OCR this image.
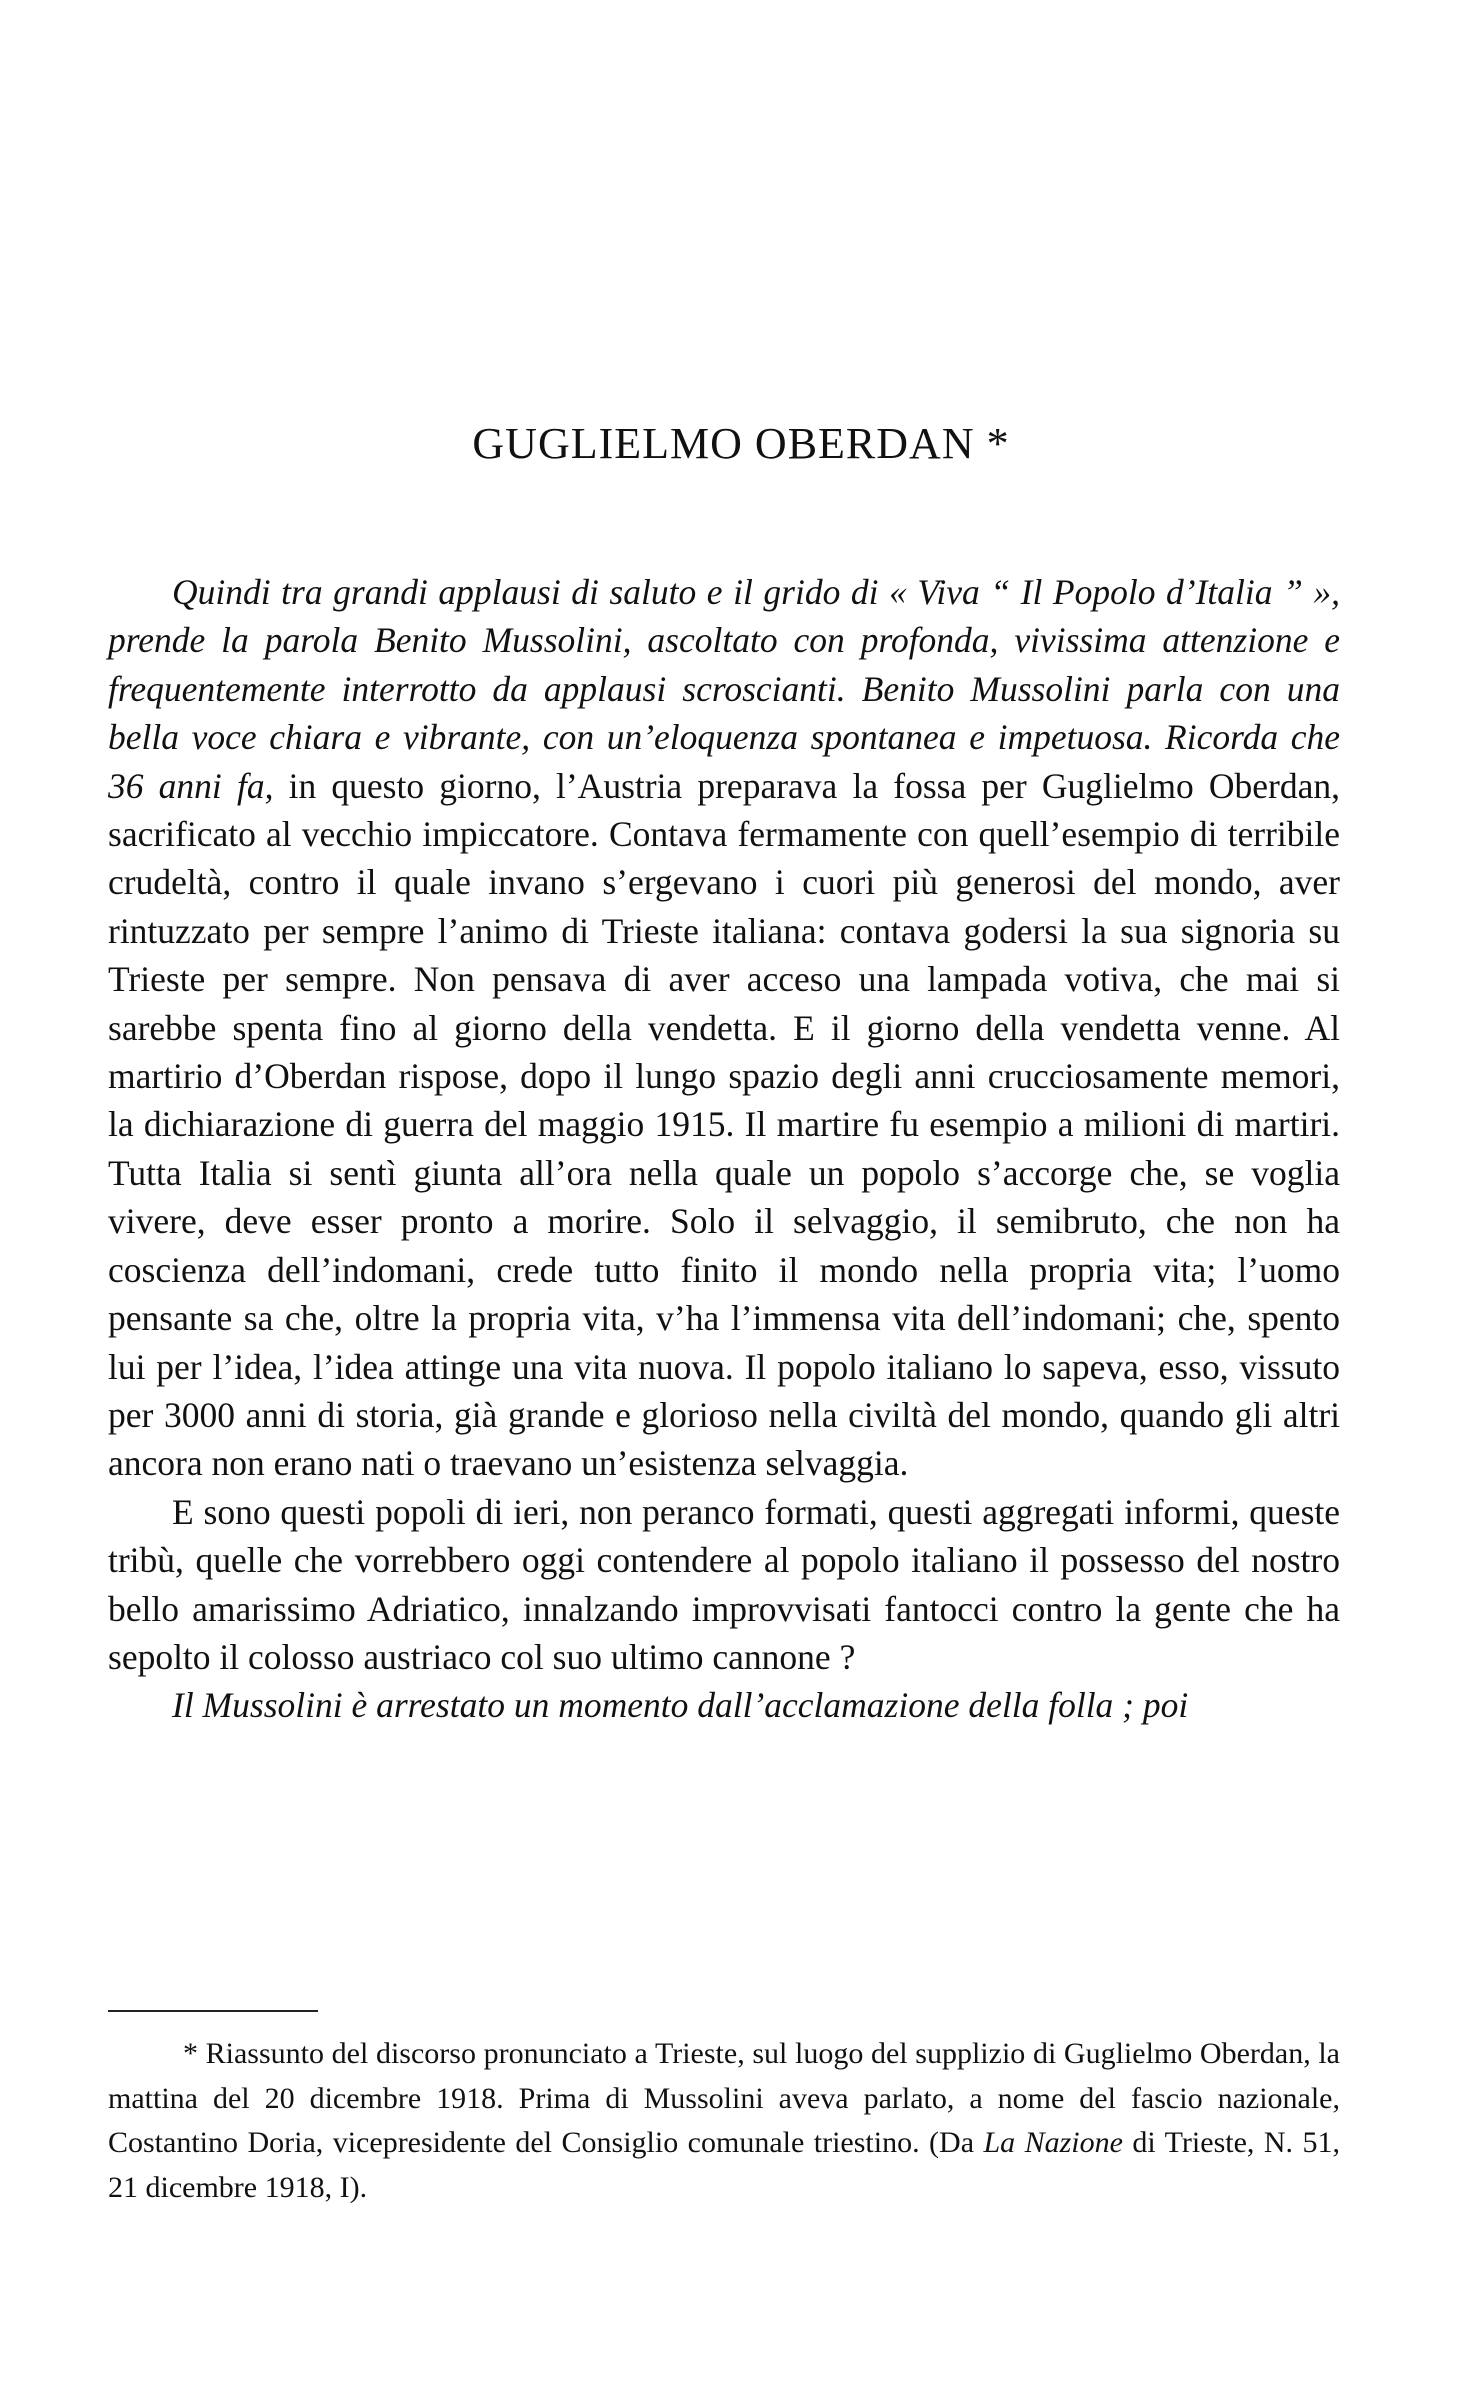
GUGLIELMO OBERDAN *

Quindi tra grandi applausi di saluto e il grido di « Viva “ Il Popolo d’Italia ” », prende la parola Benito Mussolini, ascoltato con profonda, vivissima attenzione e frequentemente interrotto da applausi scroscianti. Benito Mussolini parla con una bella voce chiara e vibrante, con un’eloquenza spontanea e impetuosa. Ricorda che 36 anni fa, in questo giorno, l’Austria preparava la fossa per Guglielmo Oberdan, sacrificato al vecchio impiccatore. Contava fermamente con quell’esempio di terribile crudeltà, contro il quale invano s’ergevano i cuori più generosi del mondo, aver rintuzzato per sempre l’animo di Trieste italiana: contava godersi la sua signoria su Trieste per sempre. Non pensava di aver acceso una lampada votiva, che mai si sarebbe spenta fino al giorno della vendetta. E il giorno della vendetta venne. Al martirio d’Oberdan rispose, dopo il lungo spazio degli anni crucciosamente memori, la dichiarazione di guerra del maggio 1915. Il martire fu esempio a milioni di martiri. Tutta Italia si sentì giunta all’ora nella quale un popolo s’accorge che, se voglia vivere, deve esser pronto a morire. Solo il selvaggio, il semibruto, che non ha coscienza dell’indomani, crede tutto finito il mondo nella propria vita; l’uomo pensante sa che, oltre la propria vita, v’ha l’immensa vita dell’indomani; che, spento lui per l’idea, l’idea attinge una vita nuova. Il popolo italiano lo sapeva, esso, vissuto per 3000 anni di storia, già grande e glorioso nella civiltà del mondo, quando gli altri ancora non erano nati o traevano un’esistenza selvaggia.

E sono questi popoli di ieri, non peranco formati, questi aggregati informi, queste tribù, quelle che vorrebbero oggi contendere al popolo italiano il possesso del nostro bello amarissimo Adriatico, innalzando improvvisati fantocci contro la gente che ha sepolto il colosso austriaco col suo ultimo cannone ?

Il Mussolini è arrestato un momento dall’acclamazione della folla ; poi

* Riassunto del discorso pronunciato a Trieste, sul luogo del supplizio di Guglielmo Oberdan, la mattina del 20 dicembre 1918. Prima di Mussolini aveva parlato, a nome del fascio nazionale, Costantino Doria, vicepresidente del Consiglio comunale triestino. (Da La Nazione di Trieste, N. 51, 21 dicembre 1918, I).
